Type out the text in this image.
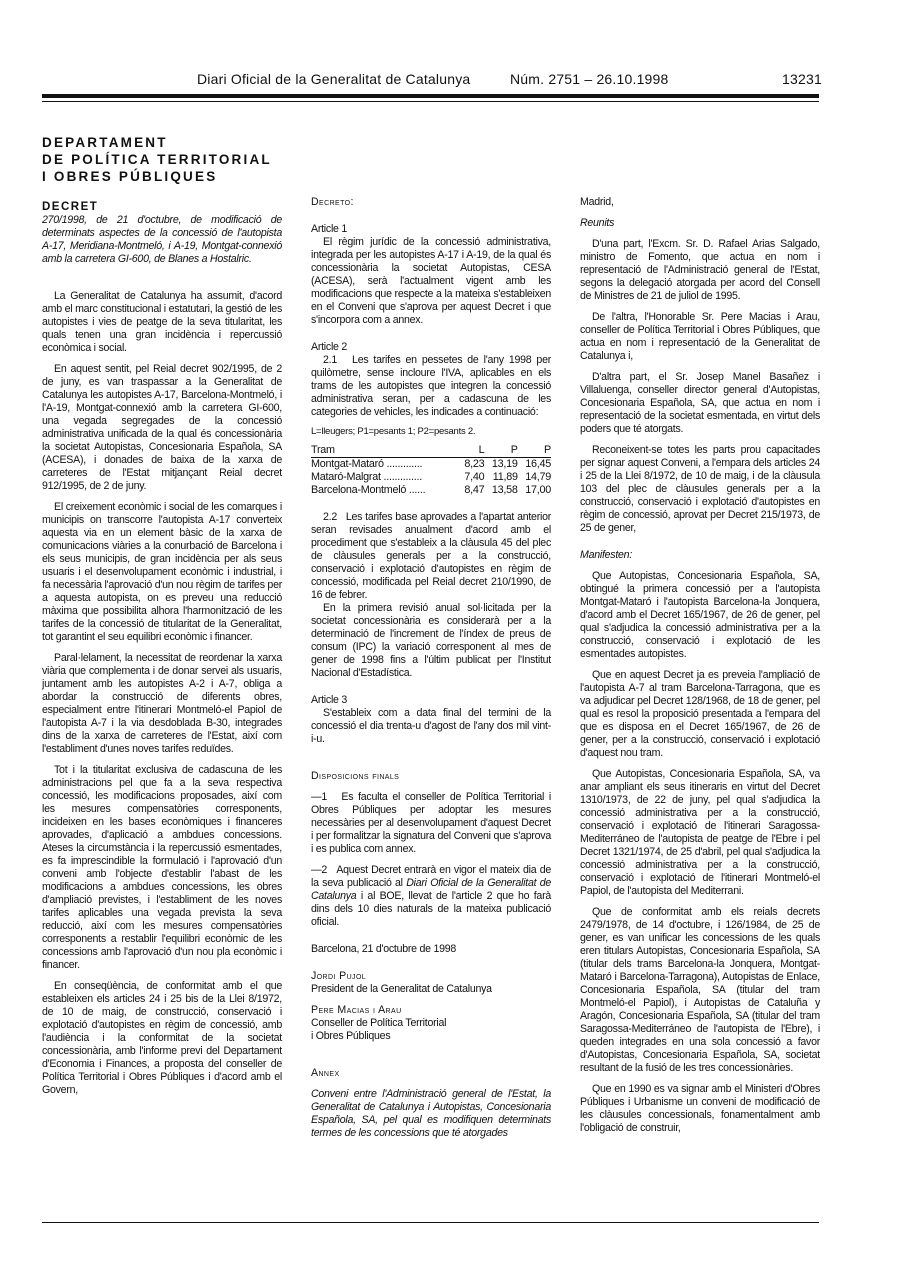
Diari Oficial de la Generalitat de Catalunya	Núm. 2751 – 26.10.1998	13231
DEPARTAMENT
DE POLÍTICA TERRITORIAL
I OBRES PÚBLIQUES
DECRET

270/1998, de 21 d'octubre, de modificació de determinats aspectes de la concessió de l'autopista A-17, Meridiana-Montmeló, i A-19, Montgat-connexió amb la carretera GI-600, de Blanes a Hostalric.

La Generalitat de Catalunya ha assumit, d'acord amb el marc constitucional i estatutari, la gestió de les autopistes i vies de peatge de la seva titularitat, les quals tenen una gran incidència i repercussió econòmica i social.

En aquest sentit, pel Reial decret 902/1995, de 2 de juny, es van traspassar a la Generalitat de Catalunya les autopistes A-17, Barcelona-Montmeló, i l'A-19, Montgat-connexió amb la carretera GI-600, una vegada segregades de la concessió administrativa unificada de la qual és concessionària la societat Autopistas, Concesionaria Española, SA (ACESA), i donades de baixa de la xarxa de carreteres de l'Estat mitjançant Reial decret 912/1995, de 2 de juny.

El creixement econòmic i social de les comarques i municipis on transcorre l'autopista A-17 converteix aquesta via en un element bàsic de la xarxa de comunicacions viàries a la conurbació de Barcelona i els seus municipis, de gran incidència per als seus usuaris i el desenvolupament econòmic i industrial, i fa necessària l'aprovació d'un nou règim de tarifes per a aquesta autopista, on es preveu una reducció màxima que possibilita alhora l'harmonització de les tarifes de la concessió de titularitat de la Generalitat, tot garantint el seu equilibri econòmic i financer.

Paral·lelament, la necessitat de reordenar la xarxa viària que complementa i de donar servei als usuaris, juntament amb les autopistes A-2 i A-7, obliga a abordar la construcció de diferents obres, especialment entre l'itinerari Montmeló-el Papiol de l'autopista A-7 i la via desdoblada B-30, integrades dins de la xarxa de carreteres de l'Estat, així com l'establiment d'unes noves tarifes reduïdes.

Tot i la titularitat exclusiva de cadascuna de les administracions pel que fa a la seva respectiva concessió, les modificacions proposades, així com les mesures compensatòries corresponents, incideixen en les bases econòmiques i financeres aprovades, d'aplicació a ambdues concessions. Ateses la circumstància i la repercussió esmentades, es fa imprescindible la formulació i l'aprovació d'un conveni amb l'objecte d'establir l'abast de les modificacions a ambdues concessions, les obres d'ampliació previstes, i l'establiment de les noves tarifes aplicables una vegada prevista la seva reducció, així com les mesures compensatòries corresponents a restablir l'equilibri econòmic de les concessions amb l'aprovació d'un nou pla econòmic i financer.

En conseqüència, de conformitat amb el que estableixen els articles 24 i 25 bis de la Llei 8/1972, de 10 de maig, de construcció, conservació i explotació d'autopistes en règim de concessió, amb l'audiència i la conformitat de la societat concessionària, amb l'informe previ del Departament d'Economia i Finances, a proposta del conseller de Política Territorial i Obres Públiques i d'acord amb el Govern,

Decreto:
Article 1

El règim jurídic de la concessió administrativa, integrada per les autopistes A-17 i A-19, de la qual és concessionària la societat Autopistas, CESA (ACESA), serà l'actualment vigent amb les modificacions que respecte a la mateixa s'estableixen en el Conveni que s'aprova per aquest Decret i que s'incorpora com a annex.

Article 2

2.1   Les tarifes en pessetes de l'any 1998 per quilòmetre, sense incloure l'IVA, aplicables en els trams de les autopistes que integren la concessió administrativa seran, per a cadascuna de les categories de vehicles, les indicades a continuació:

L=lleugers; P1=pesants 1; P2=pesants 2.
Tram	L	P	P
Montgat-Mataró .............	8,23	13,19	16,45
Mataró-Malgrat ..............	7,40	11,89	14,79
Barcelona-Montmeló ......	8,47	13,58	17,00

2.2   Les tarifes base aprovades a l'apartat anterior seran revisades anualment d'acord amb el procediment que s'estableix a la clàusula 45 del plec de clàusules generals per a la construcció, conservació i explotació d'autopistes en règim de concessió, modificada pel Reial decret 210/1990, de 16 de febrer.

En la primera revisió anual sol·licitada per la societat concessionària es considerarà per a la determinació de l'increment de l'índex de preus de consum (IPC) la variació corresponent al mes de gener de 1998 fins a l'últim publicat per l'Institut Nacional d'Estadística.

Article 3

S'estableix com a data final del termini de la concessió el dia trenta-u d'agost de l'any dos mil vint-i-u.

Disposicions finals

—1   Es faculta el conseller de Política Territorial i Obres Públiques per adoptar les mesures necessàries per al desenvolupament d'aquest Decret i per formalitzar la signatura del Conveni que s'aprova i es publica com annex.

—2   Aquest Decret entrarà en vigor el mateix dia de la seva publicació al Diari Oficial de la Generalitat de Catalunya i al BOE, llevat de l'article 2 que ho farà dins dels 10 dies naturals de la mateixa publicació oficial.

Barcelona, 21 d'octubre de 1998
Jordi Pujol
President de la Generalitat de Catalunya
Pere Macias i Arau
Conseller de Política Territorial
i Obres Públiques
Annex

Conveni entre l'Administració general de l'Estat, la Generalitat de Catalunya i Autopistas, Concesionaria Española, SA, pel qual es modifiquen determinats termes de les concessions que té atorgades

Madrid,
Reunits

D'una part, l'Excm. Sr. D. Rafael Arias Salgado, ministro de Fomento, que actua en nom i representació de l'Administració general de l'Estat, segons la delegació atorgada per acord del Consell de Ministres de 21 de juliol de 1995.

De l'altra, l'Honorable Sr. Pere Macias i Arau, conseller de Política Territorial i Obres Públiques, que actua en nom i representació de la Generalitat de Catalunya i,

D'altra part, el Sr. Josep Manel Basañez i Villaluenga, conseller director general d'Autopistas, Concesionaria Española, SA, que actua en nom i representació de la societat esmentada, en virtut dels poders que té atorgats.

Reconeixent-se totes les parts prou capacitades per signar aquest Conveni, a l'empara dels articles 24 i 25 de la Llei 8/1972, de 10 de maig, i de la clàusula 103 del plec de clàusules generals per a la construcció, conservació i explotació d'autopistes en règim de concessió, aprovat per Decret 215/1973, de 25 de gener,

Manifesten:

Que Autopistas, Concesionaria Española, SA, obtingué la primera concessió per a l'autopista Montgat-Mataró i l'autopista Barcelona-la Jonquera, d'acord amb el Decret 165/1967, de 26 de gener, pel qual s'adjudica la concessió administrativa per a la construcció, conservació i explotació de les esmentades autopistes.

Que en aquest Decret ja es preveia l'ampliació de l'autopista A-7 al tram Barcelona-Tarragona, que es va adjudicar pel Decret 128/1968, de 18 de gener, pel qual es resol la proposició presentada a l'empara del que es disposa en el Decret 165/1967, de 26 de gener, per a la construcció, conservació i explotació d'aquest nou tram.

Que Autopistas, Concesionaria Española, SA, va anar ampliant els seus itineraris en virtut del Decret 1310/1973, de 22 de juny, pel qual s'adjudica la concessió administrativa per a la construcció, conservació i explotació de l'itinerari Saragossa-Mediterráneo de l'autopista de peatge de l'Ebre i pel Decret 1321/1974, de 25 d'abril, pel qual s'adjudica la concessió administrativa per a la construcció, conservació i explotació de l'itinerari Montmeló-el Papiol, de l'autopista del Mediterrani.

Que de conformitat amb els reials decrets 2479/1978, de 14 d'octubre, i 126/1984, de 25 de gener, es van unificar les concessions de les quals eren titulars Autopistas, Concesionaria Española, SA (titular dels trams Barcelona-la Jonquera, Montgat-Mataró i Barcelona-Tarragona), Autopistas de Enlace, Concesionaria Española, SA (titular del tram Montmeló-el Papiol), i Autopistas de Cataluña y Aragón, Concesionaria Española, SA (titular del tram Saragossa-Mediterráneo de l'autopista de l'Ebre), i queden integrades en una sola concessió a favor d'Autopistas, Concesionaria Española, SA, societat resultant de la fusió de les tres concessionàries.

Que en 1990 es va signar amb el Ministeri d'Obres Públiques i Urbanisme un conveni de modificació de les clàusules concessionals, fonamentalment amb l'obligació de construir,
